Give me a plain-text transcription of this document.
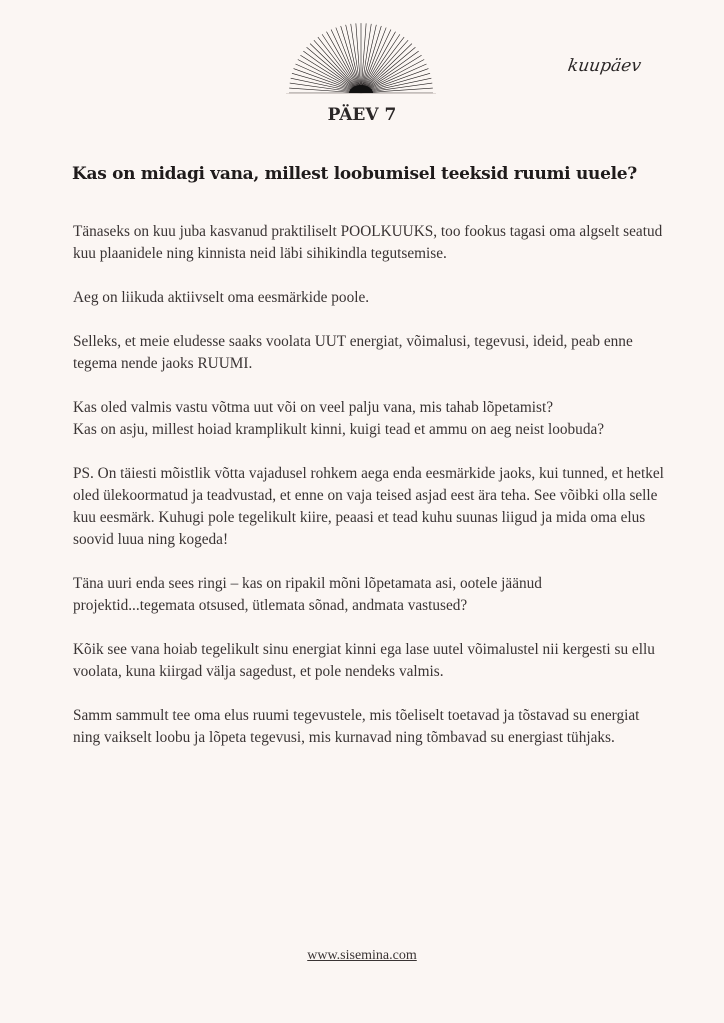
kuupäev
PÄEV 7
Kas on midagi vana, millest loobumisel teeksid ruumi uuele?
Tänaseks on kuu juba kasvanud praktiliselt POOLKUUKS, too fookus tagasi oma algselt seatud
kuu plaanidele ning kinnista neid läbi sihikindla tegutsemise.
Aeg on liikuda aktiivselt oma eesmärkide poole.
Selleks, et meie eludesse saaks voolata UUT energiat, võimalusi, tegevusi, ideid, peab enne
tegema nende jaoks RUUMI.
Kas oled valmis vastu võtma uut või on veel palju vana, mis tahab lõpetamist?
Kas on asju, millest hoiad kramplikult kinni, kuigi tead et ammu on aeg neist loobuda?
PS. On täiesti mõistlik võtta vajadusel rohkem aega enda eesmärkide jaoks, kui tunned, et hetkel
oled ülekoormatud ja teadvustad, et enne on vaja teised asjad eest ära teha. See võibki olla selle
kuu eesmärk. Kuhugi pole tegelikult kiire, peaasi et tead kuhu suunas liigud ja mida oma elus
soovid luua ning kogeda!
Täna uuri enda sees ringi – kas on ripakil mõni lõpetamata asi, ootele jäänud
projektid...tegemata otsused, ütlemata sõnad, andmata vastused?
Kõik see vana hoiab tegelikult sinu energiat kinni ega lase uutel võimalustel nii kergesti su ellu
voolata, kuna kiirgad välja sagedust, et pole nendeks valmis.
Samm sammult tee oma elus ruumi tegevustele, mis tõeliselt toetavad ja tõstavad su energiat
ning vaikselt loobu ja lõpeta tegevusi, mis kurnavad ning tõmbavad su energiast tühjaks.
www.sisemina.com
